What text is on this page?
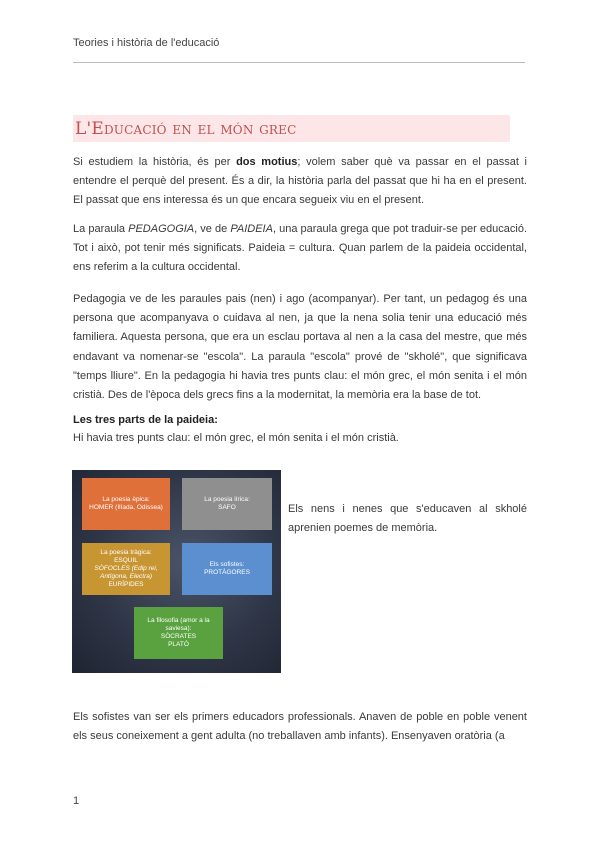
Teories i història de l'educació
L'Educació en el món grec

Si estudiem la història, és per dos motius; volem saber què va passar en el passat i entendre el perquè del present. És a dir, la història parla del passat que hi ha en el present. El passat que ens interessa és un que encara segueix viu en el present.

La paraula PEDAGOGIA, ve de PAIDEIA, una paraula grega que pot traduir-se per educació. Tot i això, pot tenir més significats. Paideia = cultura. Quan parlem de la paideia occidental, ens referim a la cultura occidental.

Pedagogia ve de les paraules pais (nen) i ago (acompanyar). Per tant, un pedagog és una persona que acompanyava o cuidava al nen, ja que la nena solia tenir una educació més familiera. Aquesta persona, que era un esclau portava al nen a la casa del mestre, que més endavant va nomenar-se "escola". La paraula "escola" prové de "skholé", que significava "temps lliure". En la pedagogia hi havia tres punts clau: el món grec, el món senita i el món cristià. Des de l'època dels grecs fins a la modernitat, la memòria era la base de tot.

Les tres parts de la paideia:
Hi havia tres punts clau: el món grec, el món senita i el món cristià.
La poesia èpica:
HOMER (Ilíada, Odissea)
La poesia lírica:
SAFO
La poesia tràgica:
ESQUIL
SÒFOCLES (Edip rei, Antígona, Electra)
EURÍPIDES
Els sofistes:
PROTÀGORES
La filosofia (amor a la saviesa):
SÒCRATES
PLATÓ
Els nens i nenes que s'educaven al skholé aprenien poemes de memòria.

Els sofistes van ser els primers educadors professionals. Anaven de poble en poble venent els seus coneixement a gent adulta (no treballaven amb infants). Ensenyaven oratòria (a

1
